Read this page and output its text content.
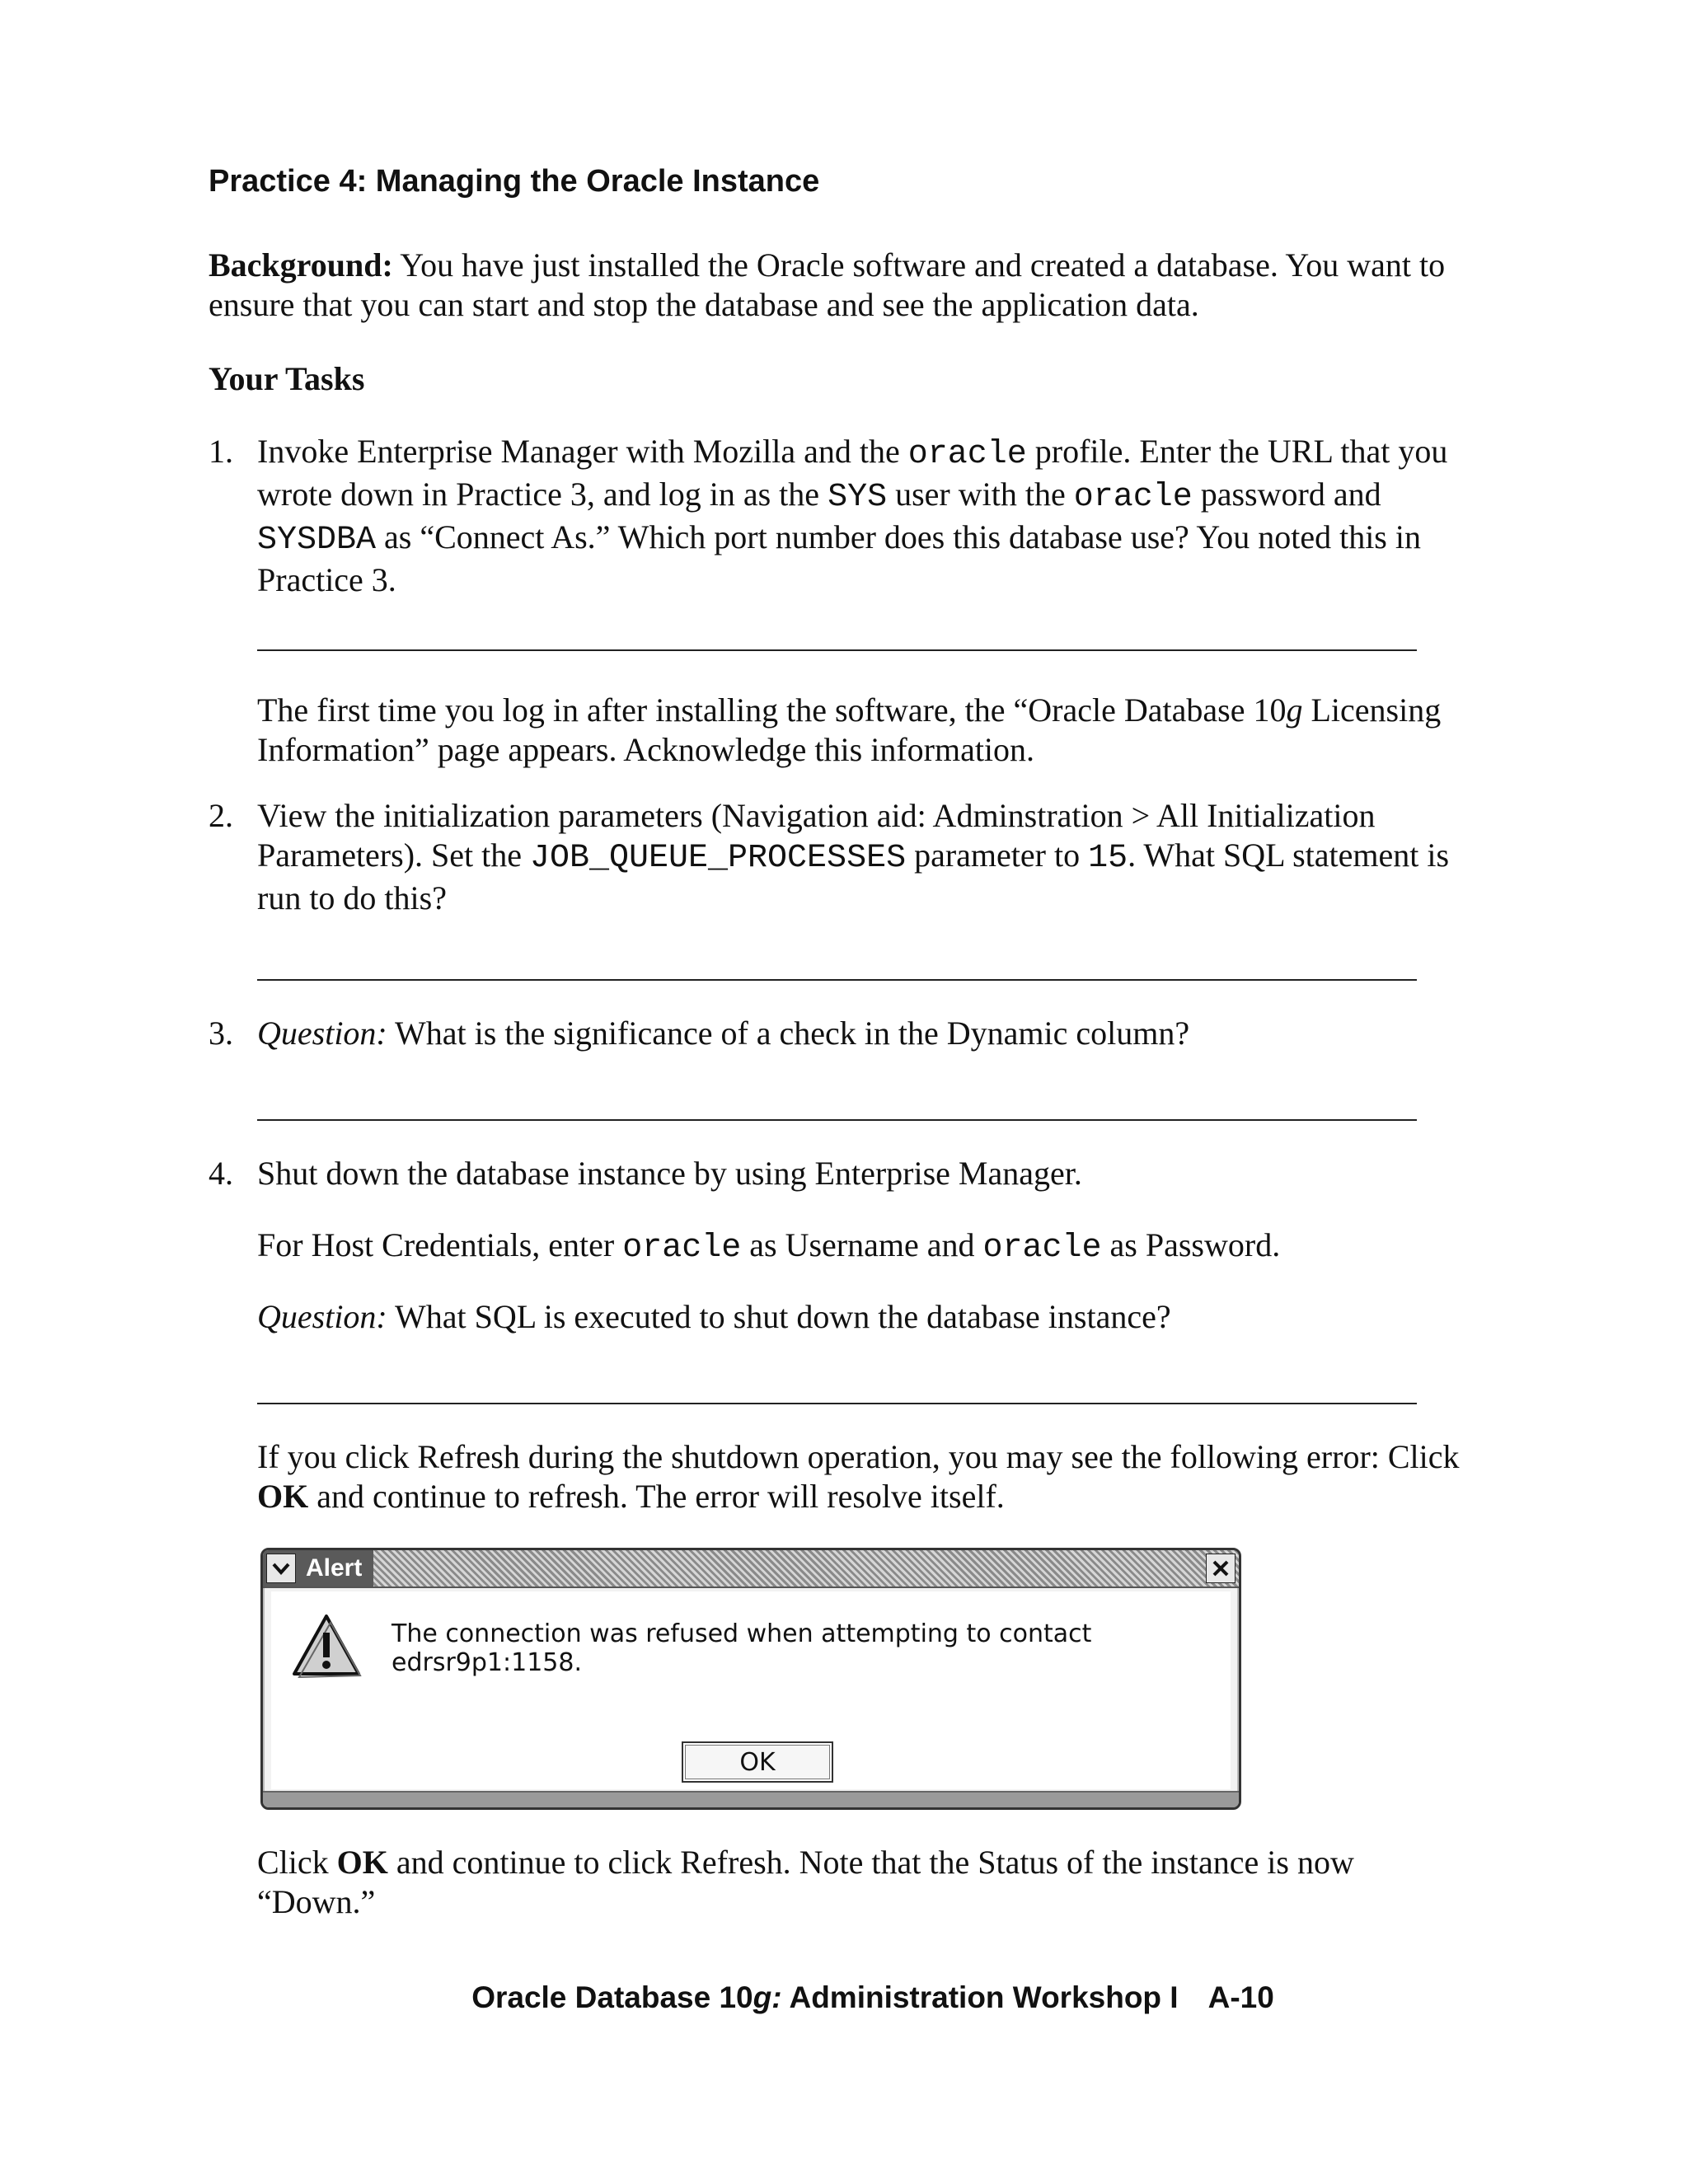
Practice 4: Managing the Oracle Instance

Background: You have just installed the Oracle software and created a database. You want to
ensure that you can start and stop the database and see the application data.

Your Tasks

1. Invoke Enterprise Manager with Mozilla and the oracle profile. Enter the URL that you
wrote down in Practice 3, and log in as the SYS user with the oracle password and
SYSDBA as “Connect As.” Which port number does this database use? You noted this in
Practice 3.

The first time you log in after installing the software, the “Oracle Database 10g Licensing
Information” page appears. Acknowledge this information.

2. View the initialization parameters (Navigation aid: Adminstration > All Initialization
Parameters). Set the JOB_QUEUE_PROCESSES parameter to 15. What SQL statement is
run to do this?

3. Question: What is the significance of a check in the Dynamic column?

4. Shut down the database instance by using Enterprise Manager.

For Host Credentials, enter oracle as Username and oracle as Password.

Question: What SQL is executed to shut down the database instance?

If you click Refresh during the shutdown operation, you may see the following error: Click
OK and continue to refresh. The error will resolve itself.

Alert
The connection was refused when attempting to contact edrsr9p1:1158.
OK

Click OK and continue to click Refresh. Note that the Status of the instance is now
“Down.”

Oracle Database 10g: Administration Workshop I A-10
